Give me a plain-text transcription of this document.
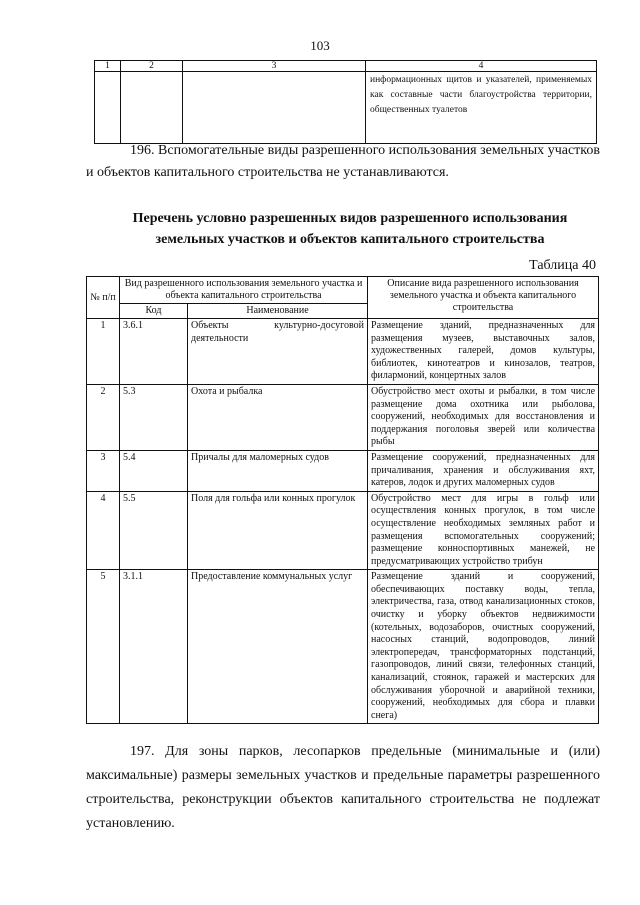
103
1	2	3	4
			информационных щитов и указателей, применяемых как составные части благоустройства территории, общественных туалетов

196. Вспомогательные виды разрешенного использования земельных участков и объектов капитального строительства не устанавливаются.

Перечень условно разрешенных видов разрешенного использования
земельных участков и объектов капитального строительства
Таблица 40
№ п/п	Вид разрешенного использования земельного участка и объекта капитального строительства		Описание вида разрешенного использования земельного участка и объекта капитального строительства
	Код	Наименование	
1	3.6.1	Объекты культурно-досуговой деятельности	Размещение зданий, предназначенных для размещения музеев, выставочных залов, художественных галерей, домов культуры, библиотек, кинотеатров и кинозалов, театров, филармоний, концертных залов
2	5.3	Охота и рыбалка	Обустройство мест охоты и рыбалки, в том числе размещение дома охотника или рыболова, сооружений, необходимых для восстановления и поддержания поголовья зверей или количества рыбы
3	5.4	Причалы для маломерных судов	Размещение сооружений, предназначенных для причаливания, хранения и обслуживания яхт, катеров, лодок и других маломерных судов
4	5.5	Поля для гольфа или конных прогулок	Обустройство мест для игры в гольф или осуществления конных прогулок, в том числе осуществление необходимых земляных работ и размещения вспомогательных сооружений; размещение конноспортивных манежей, не предусматривающих устройство трибун
5	3.1.1	Предоставление коммунальных услуг	Размещение зданий и сооружений, обеспечивающих поставку воды, тепла, электричества, газа, отвод канализационных стоков, очистку и уборку объектов недвижимости (котельных, водозаборов, очистных сооружений, насосных станций, водопроводов, линий электропередач, трансформаторных подстанций, газопроводов, линий связи, телефонных станций, канализаций, стоянок, гаражей и мастерских для обслуживания уборочной и аварийной техники, сооружений, необходимых для сбора и плавки снега)

197. Для зоны парков, лесопарков предельные (минимальные и (или) максимальные) размеры земельных участков и предельные параметры разрешенного строительства, реконструкции объектов капитального строительства не подлежат установлению.
